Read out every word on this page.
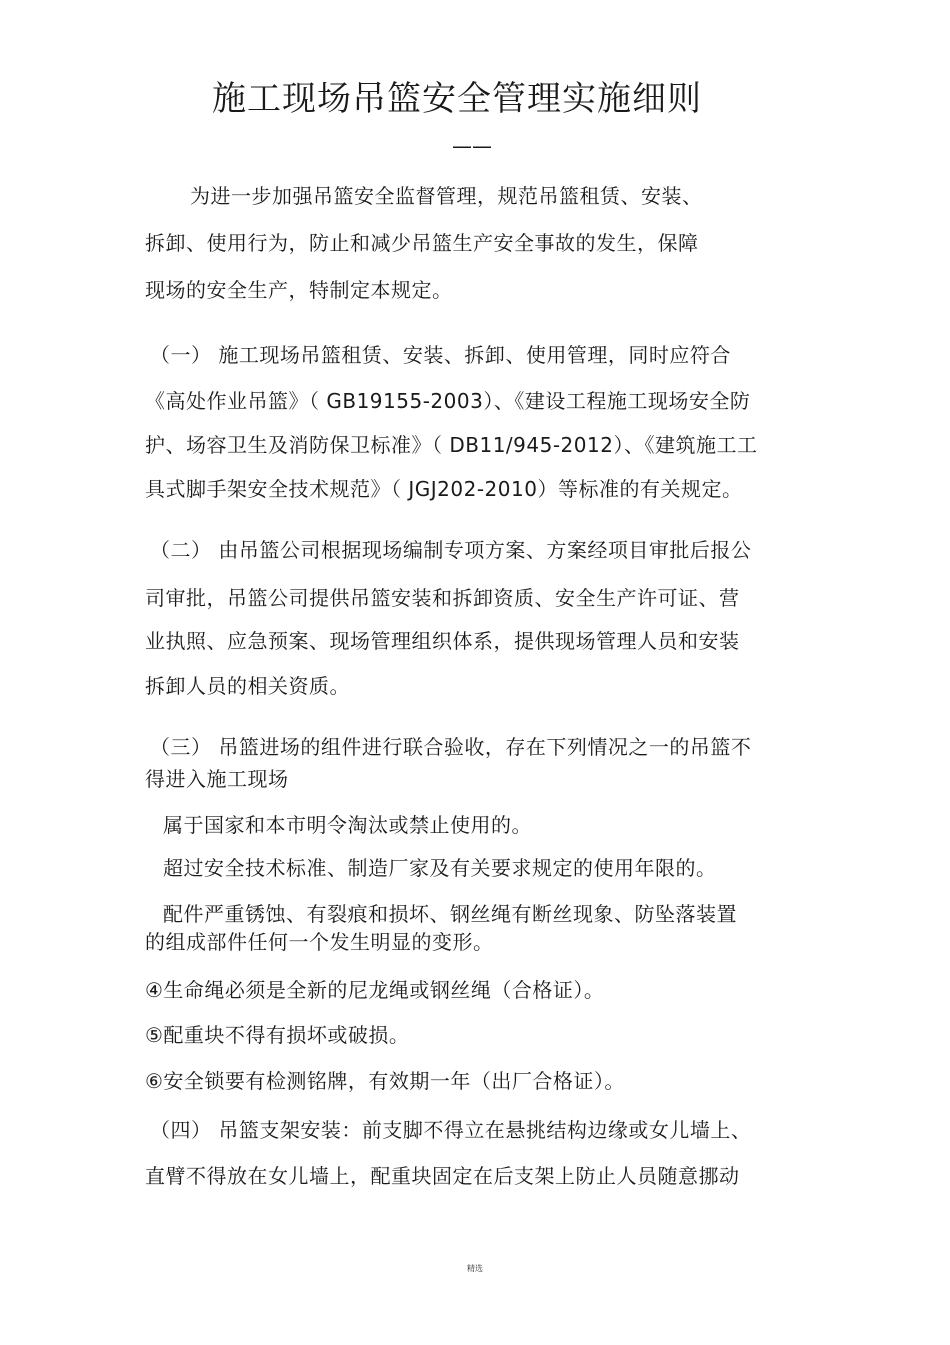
施工现场吊篮安全管理实施细则
——
为进一步加强吊篮安全监督管理，规范吊篮租赁、安装、
拆卸、使用行为，防止和减少吊篮生产安全事故的发生，保障
现场的安全生产，特制定本规定。
（一） 施工现场吊篮租赁、安装、拆卸、使用管理，同时应符合
《高处作业吊篮》（ GB19155-2003）、《建设工程施工现场安全防
护、场容卫生及消防保卫标准》（ DB11/945-2012）、《建筑施工工
具式脚手架安全技术规范》（ JGJ202-2010）等标准的有关规定。
（二） 由吊篮公司根据现场编制专项方案、方案经项目审批后报公
司审批，吊篮公司提供吊篮安装和拆卸资质、安全生产许可证、营
业执照、应急预案、现场管理组织体系，提供现场管理人员和安装
拆卸人员的相关资质。
（三） 吊篮进场的组件进行联合验收，存在下列情况之一的吊篮不
得进入施工现场
属于国家和本市明令淘汰或禁止使用的。
超过安全技术标准、制造厂家及有关要求规定的使用年限的。
配件严重锈蚀、有裂痕和损坏、钢丝绳有断丝现象、防坠落装置
的组成部件任何一个发生明显的变形。
④生命绳必须是全新的尼龙绳或钢丝绳（合格证）。
⑤配重块不得有损坏或破损。
⑥安全锁要有检测铭牌，有效期一年（出厂合格证）。
（四） 吊篮支架安装：前支脚不得立在悬挑结构边缘或女儿墙上、
直臂不得放在女儿墙上，配重块固定在后支架上防止人员随意挪动
精选
